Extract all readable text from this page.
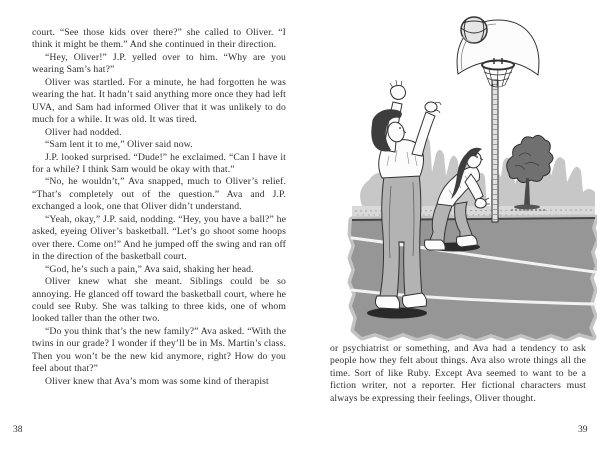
court. “See those kids over there?” she called to Oliver. “I think it might be them.” And she continued in their direction.

“Hey, Oliver!” J.P. yelled over to him. “Why are you wearing Sam’s hat?”

Oliver was startled. For a minute, he had forgotten he was wearing the hat. It hadn’t said anything more once they had left UVA, and Sam had informed Oliver that it was unlikely to do much for a while. It was old. It was tired.

Oliver had nodded.

“Sam lent it to me,” Oliver said now.

J.P. looked surprised. “Dude!” he exclaimed. “Can I have it for a while? I think Sam would be okay with that.”

“No, he wouldn’t,” Ava snapped, much to Oliver’s relief. “That’s completely out of the question.” Ava and J.P. exchanged a look, one that Oliver didn’t understand.

“Yeah, okay,” J.P. said, nodding. “Hey, you have a ball?” he asked, eyeing Oliver’s basketball. “Let’s go shoot some hoops over there. Come on!” And he jumped off the swing and ran off in the direction of the basketball court.

“God, he’s such a pain,” Ava said, shaking her head.

Oliver knew what she meant. Siblings could be so annoying. He glanced off toward the basketball court, where he could see Ruby. She was talking to three kids, one of whom looked taller than the other two.

“Do you think that’s the new family?” Ava asked. “With the twins in our grade? I wonder if they’ll be in Ms. Martin’s class. Then you won’t be the new kid anymore, right? How do you feel about that?”

Oliver knew that Ava’s mom was some kind of therapist

38

or psychiatrist or something, and Ava had a tendency to ask people how they felt about things. Ava also wrote things all the time. Sort of like Ruby. Except Ava seemed to want to be a fiction writer, not a reporter. Her fictional characters must always be expressing their feelings, Oliver thought.

39
